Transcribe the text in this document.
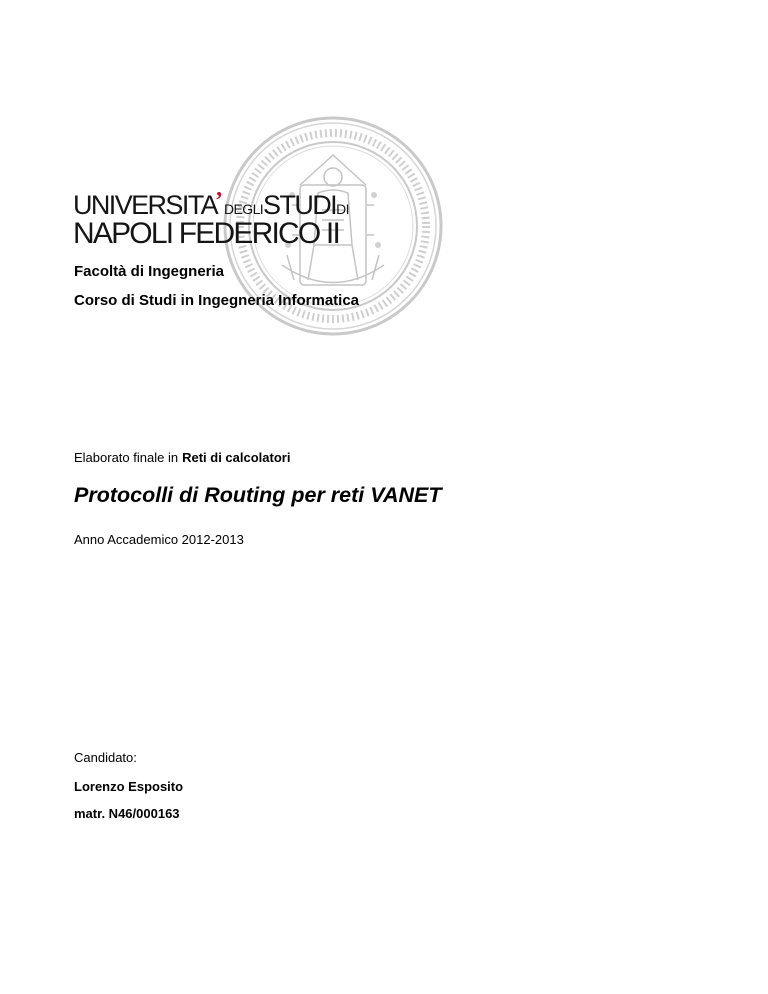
UNIVERSITA’DEGLISTUDIDI
NAPOLI FEDERICO II
Facoltà di Ingegneria
Corso di Studi in Ingegneria Informatica
Elaborato finale in Reti di calcolatori
Protocolli di Routing per reti VANET
Anno Accademico 2012-2013
Candidato:
Lorenzo Esposito
matr. N46/000163
